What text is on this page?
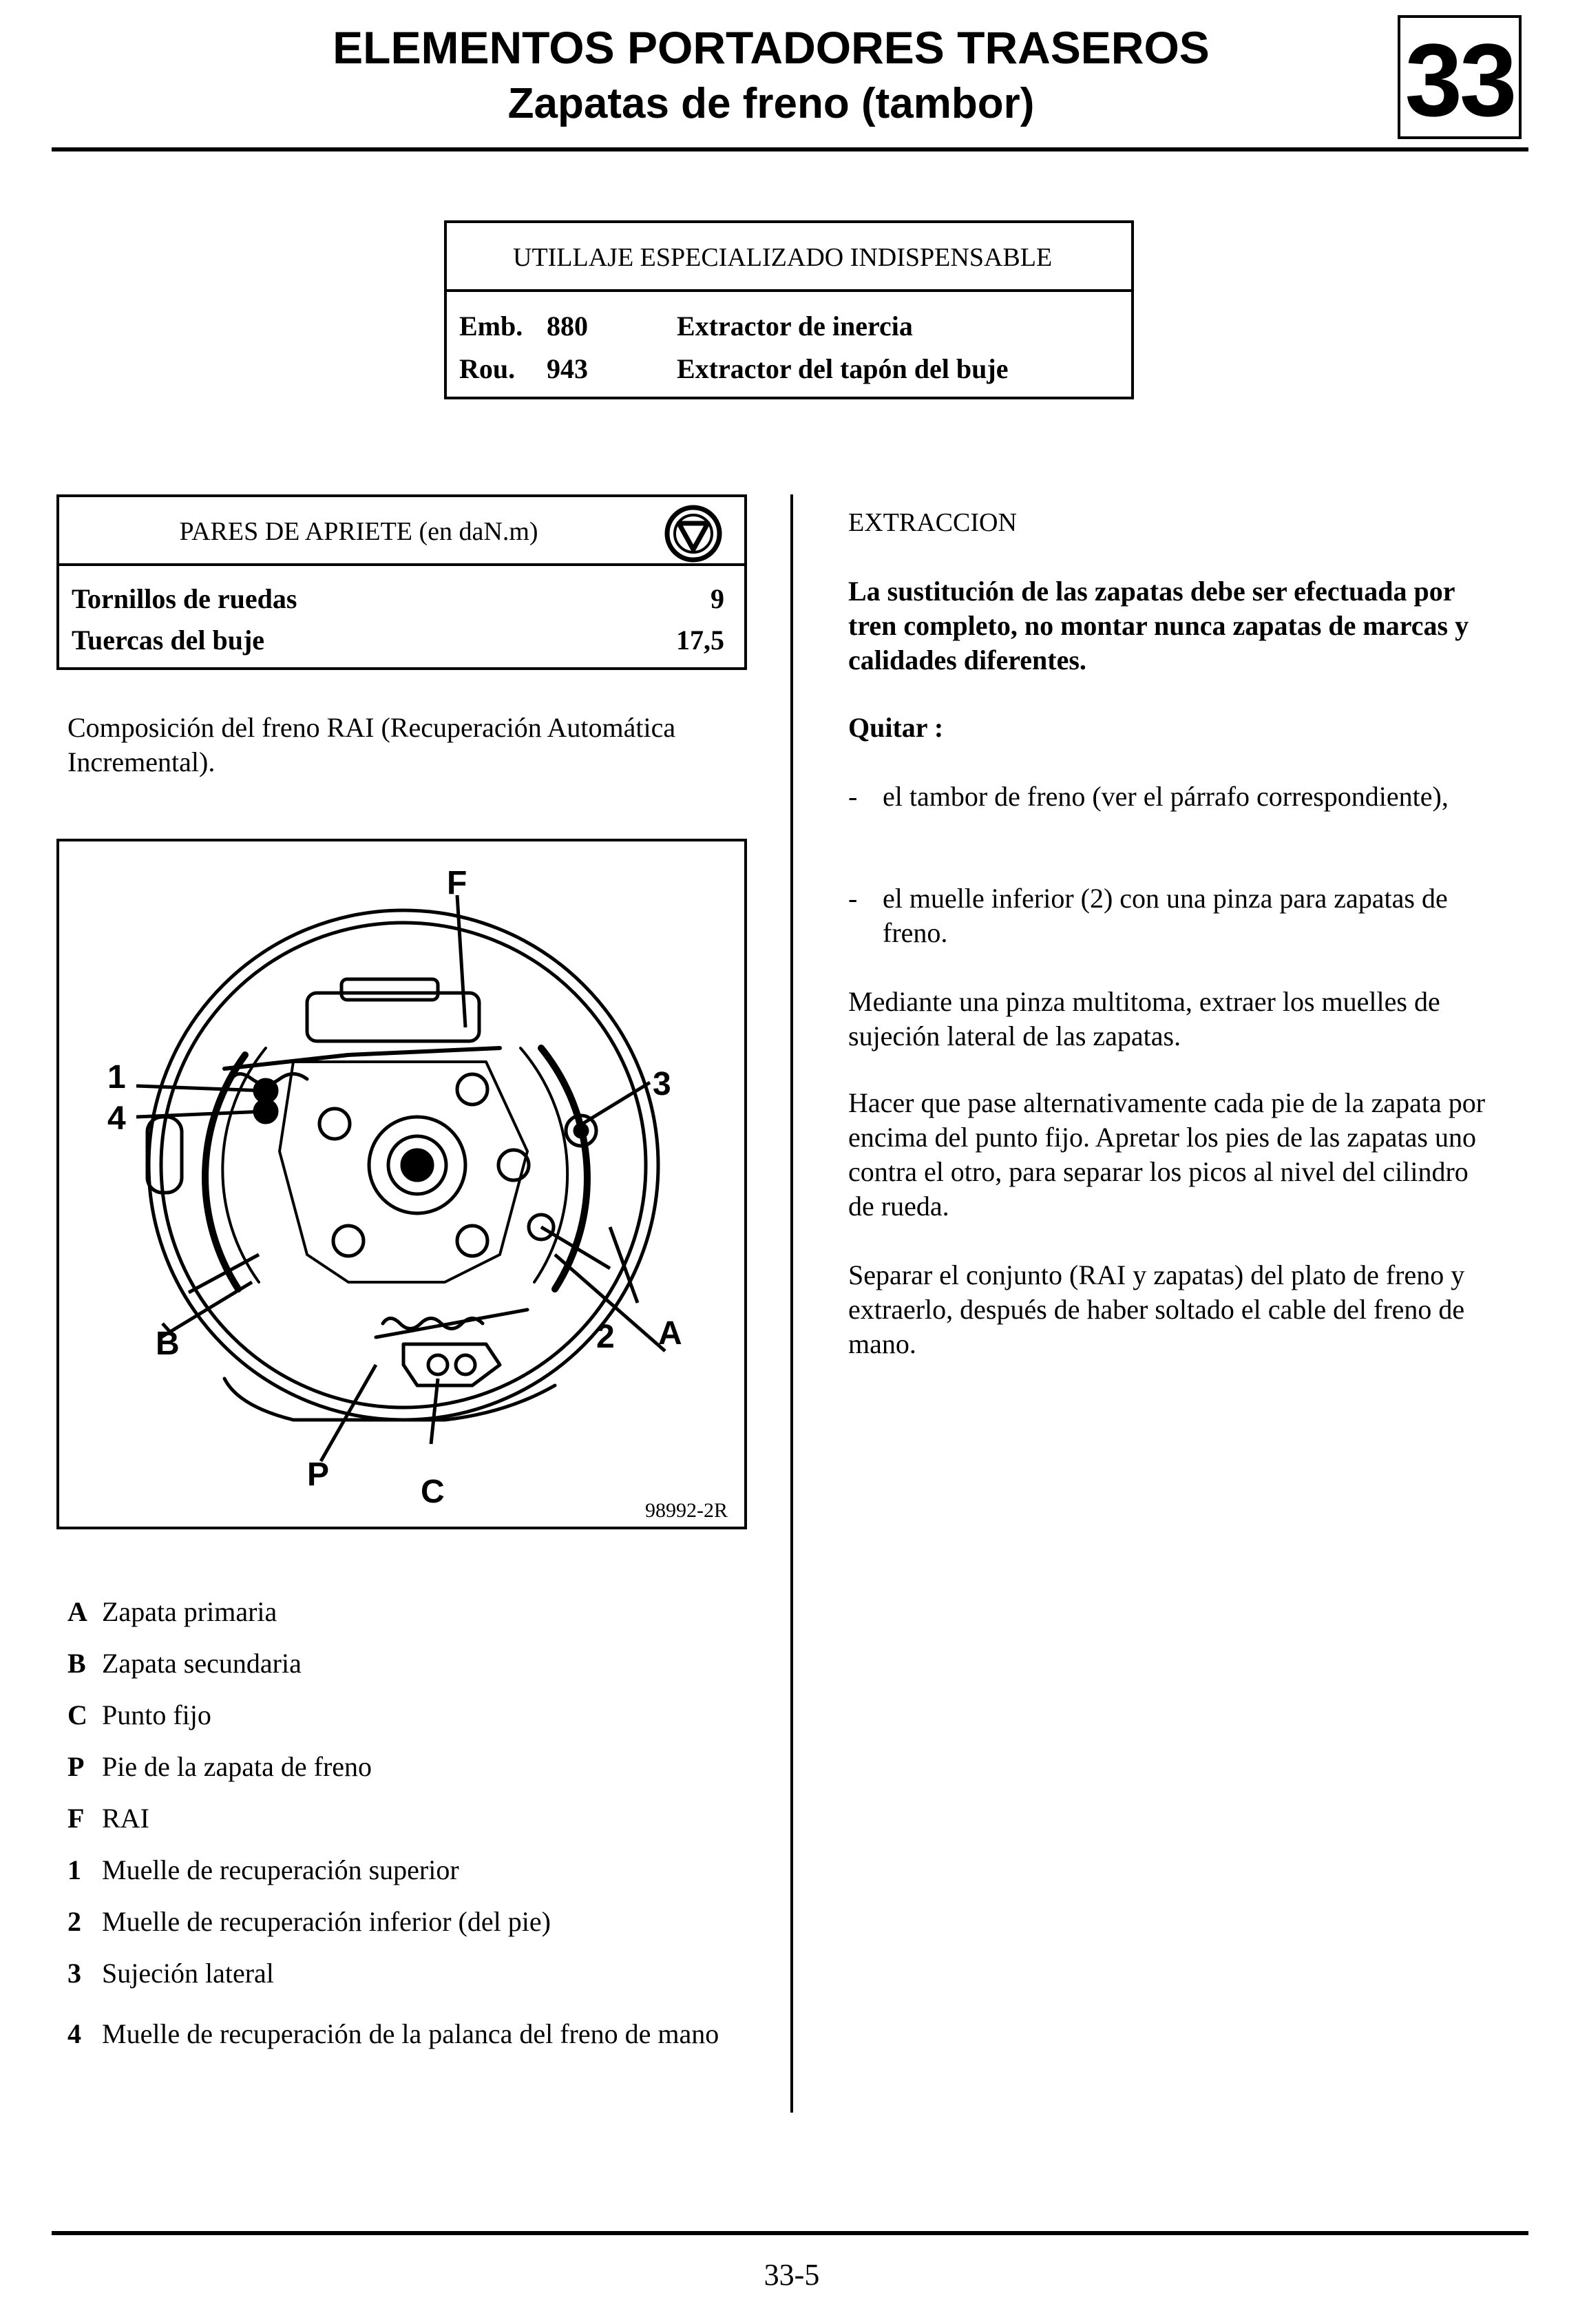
ELEMENTOS PORTADORES TRASEROS
Zapatas de freno (tambor)	33
UTILLAJE ESPECIALIZADO INDISPENSABLE
Emb. 880	Extractor de inercia
Rou. 943	Extractor del tapón del buje
PARES DE APRIETE (en daN.m)
Tornillos de ruedas	9
Tuercas del buje	17,5
Composición del freno RAI (Recuperación Automática Incremental).
F
1
4
3
B	2 A
P	C
98992-2R
A Zapata primaria
B Zapata secundaria
C Punto fijo
P Pie de la zapata de freno
F RAI
1 Muelle de recuperación superior
2 Muelle de recuperación inferior (del pie)
3 Sujeción lateral
4 Muelle de recuperación de la palanca del freno de mano
EXTRACCION
La sustitución de las zapatas debe ser efectuada por tren completo, no montar nunca zapatas de marcas y calidades diferentes.
Quitar :
- el tambor de freno (ver el párrafo correspondiente),
- el muelle inferior (2) con una pinza para zapatas de freno.
Mediante una pinza multitoma, extraer los muelles de sujeción lateral de las zapatas.
Hacer que pase alternativamente cada pie de la zapata por encima del punto fijo. Apretar los pies de las zapatas uno contra el otro, para separar los picos al nivel del cilindro de rueda.
Separar el conjunto (RAI y zapatas) del plato de freno y extraerlo, después de haber soltado el cable del freno de mano.
33-5
